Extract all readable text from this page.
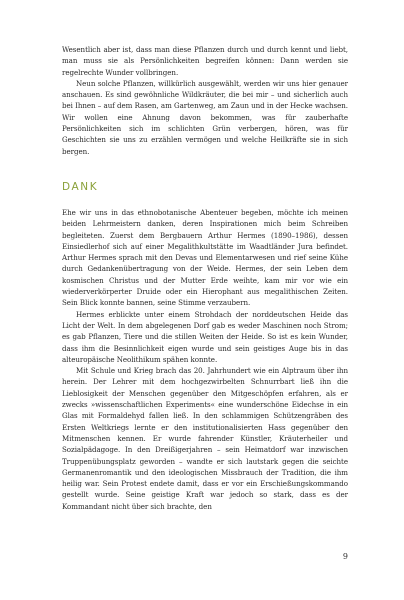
Wesentlich aber ist, dass man diese Pflanzen durch und durch kennt und liebt, man muss sie als Persönlichkeiten begreifen können: Dann werden sie regelrechte Wunder vollbringen.

Neun solche Pflanzen, willkürlich ausgewählt, werden wir uns hier genauer anschauen. Es sind gewöhnliche Wildkräuter, die bei mir – und sicherlich auch bei Ihnen – auf dem Rasen, am Gartenweg, am Zaun und in der Hecke wachsen. Wir wollen eine Ahnung davon bekommen, was für zauberhafte Persönlichkeiten sich im schlichten Grün verbergen, hören, was für Geschichten sie uns zu erzählen vermögen und welche Heilkräfte sie in sich bergen.

DANK

Ehe wir uns in das ethnobotanische Abenteuer begeben, möchte ich meinen beiden Lehrmeistern danken, deren Inspirationen mich beim Schreiben begleiteten. Zuerst dem Bergbauern Arthur Hermes (1890–1986), dessen Einsiedlerhof sich auf einer Megalithkultstätte im Waadtländer Jura befindet. Arthur Hermes sprach mit den Devas und Elementarwesen und rief seine Kühe durch Gedankenübertragung von der Weide. Hermes, der sein Leben dem kosmischen Christus und der Mutter Erde weihte, kam mir vor wie ein wiederverkörperter Druide oder ein Hierophant aus megalithischen Zeiten. Sein Blick konnte bannen, seine Stimme verzaubern.

Hermes erblickte unter einem Strohdach der norddeutschen Heide das Licht der Welt. In dem abgelegenen Dorf gab es weder Maschinen noch Strom; es gab Pflanzen, Tiere und die stillen Weiten der Heide. So ist es kein Wunder, dass ihm die Besinnlichkeit eigen wurde und sein geistiges Auge bis in das alteuropäische Neolithikum spähen konnte.

Mit Schule und Krieg brach das 20. Jahrhundert wie ein Alptraum über ihn herein. Der Lehrer mit dem hochgezwirbelten Schnurrbart ließ ihn die Lieblosigkeit der Menschen gegenüber den Mitgeschöpfen erfahren, als er zwecks »wissenschaftlichen Experiments« eine wunderschöne Eidechse in ein Glas mit Formaldehyd fallen ließ. In den schlammigen Schützengräben des Ersten Weltkriegs lernte er den institutionalisierten Hass gegenüber den Mitmenschen kennen. Er wurde fahrender Künstler, Kräuterheiler und Sozialpädagoge. In den Dreißigerjahren – sein Heimatdorf war inzwischen Truppenübungsplatz geworden – wandte er sich lautstark gegen die seichte Germanenromantik und den ideologischen Missbrauch der Tradition, die ihm heilig war. Sein Protest endete damit, dass er vor ein Erschießungskommando gestellt wurde. Seine geistige Kraft war jedoch so stark, dass es der Kommandant nicht über sich brachte, den

9
